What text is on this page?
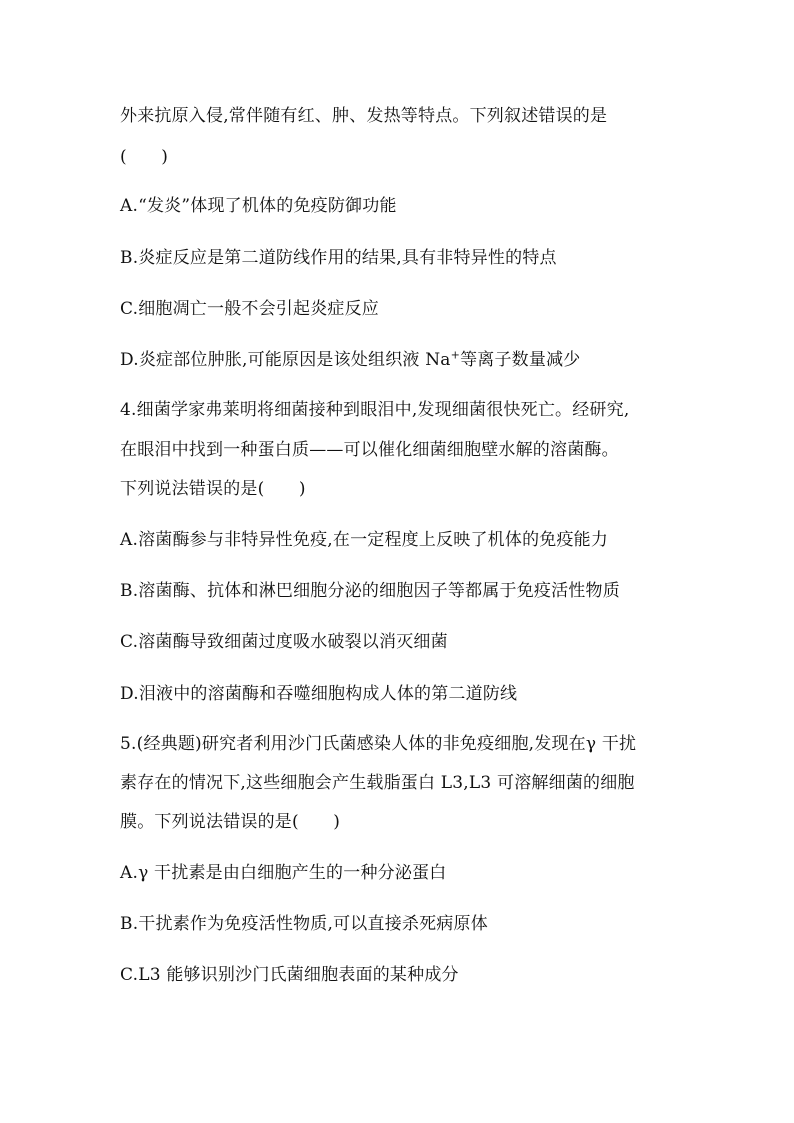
外来抗原入侵,常伴随有红、肿、发热等特点。下列叙述错误的是
(　　)
A.“发炎”体现了机体的免疫防御功能
B.炎症反应是第二道防线作用的结果,具有非特异性的特点
C.细胞凋亡一般不会引起炎症反应
D.炎症部位肿胀,可能原因是该处组织液 Na+等离子数量减少
4.细菌学家弗莱明将细菌接种到眼泪中,发现细菌很快死亡。经研究,
在眼泪中找到一种蛋白质——可以催化细菌细胞壁水解的溶菌酶。
下列说法错误的是(　　)
A.溶菌酶参与非特异性免疫,在一定程度上反映了机体的免疫能力
B.溶菌酶、抗体和淋巴细胞分泌的细胞因子等都属于免疫活性物质
C.溶菌酶导致细菌过度吸水破裂以消灭细菌
D.泪液中的溶菌酶和吞噬细胞构成人体的第二道防线
5.(经典题)研究者利用沙门氏菌感染人体的非免疫细胞,发现在γ 干扰
素存在的情况下,这些细胞会产生载脂蛋白 L3,L3 可溶解细菌的细胞
膜。下列说法错误的是(　　)
A.γ 干扰素是由白细胞产生的一种分泌蛋白
B.干扰素作为免疫活性物质,可以直接杀死病原体
C.L3 能够识别沙门氏菌细胞表面的某种成分
